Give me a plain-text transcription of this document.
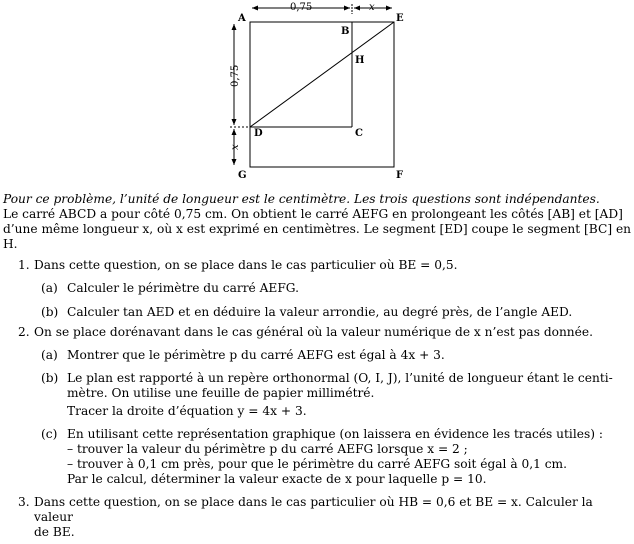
A
B
E
H
D	C
G	F
0,75	x
0,75
x

Pour ce problème, l’unité de longueur est le centimètre. Les trois questions sont indépendantes.

Le carré ABCD a pour côté 0,75 cm. On obtient le carré AEFG en prolongeant les côtés [AB] et [AD]

d’une même longueur x, où x est exprimé en centimètres. Le segment [ED] coupe le segment [BC] en

H.

1. Dans cette question, on se place dans le cas particulier où BE = 0,5.

(a) Calculer le périmètre du carré AEFG.

(b) Calculer tan AED et en déduire la valeur arrondie, au degré près, de l’angle AED.

2. On se place dorénavant dans le cas général où la valeur numérique de x n’est pas donnée.

(a) Montrer que le périmètre p du carré AEFG est égal à 4x + 3.

(b) Le plan est rapporté à un repère orthonormal (O, I, J), l’unité de longueur étant le centi-

mètre. On utilise une feuille de papier millimétré.

Tracer la droite d’équation y = 4x + 3.

(c) En utilisant cette représentation graphique (on laissera en évidence les tracés utiles) :

– trouver la valeur du périmètre p du carré AEFG lorsque x = 2 ;

– trouver à 0,1 cm près, pour que le périmètre du carré AEFG soit égal à 0,1 cm.

Par le calcul, déterminer la valeur exacte de x pour laquelle p = 10.

3. Dans cette question, on se place dans le cas particulier où HB = 0,6 et BE = x. Calculer la valeur

de BE.
